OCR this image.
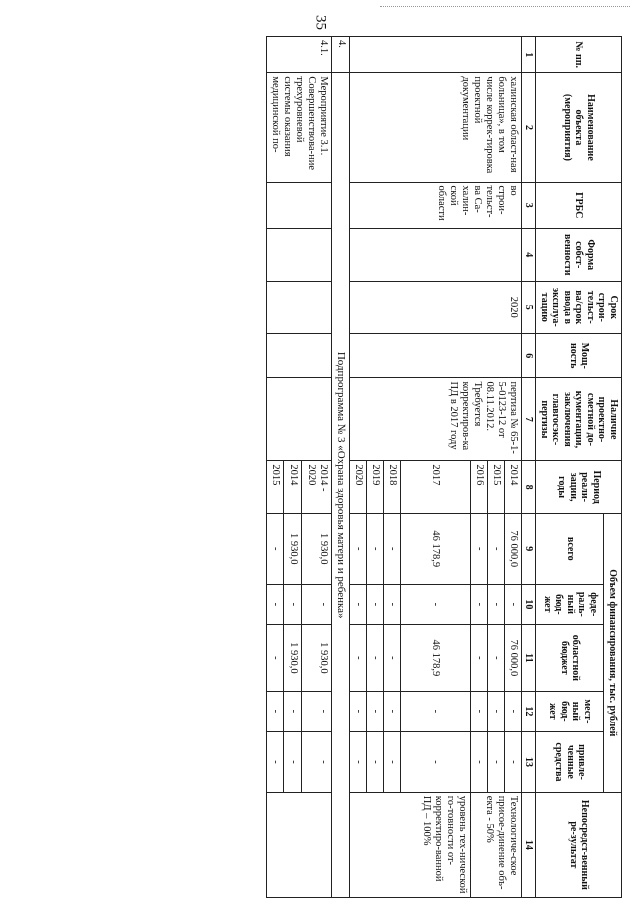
35
№ пп.	Наименование объекта (мероприятия)	ГРБС	Форма собст-венности	Срок строи-тельст-ва/срок ввода в эксплуа-тацию	Мощ-ность	Наличие проектно-сметной до-кументации, заключения главгосэкс-пертизы	Период реали-зации, годы	Объем финансирования, тыс. рублей					Непосредст-венный ре-зультат
								всего	феде-раль-ный бюд-жет	областной бюджет	мест-ный бюд-жет	привле-ченные средства	
1	2	3	4	5	6	7	8	9	10	11	12	13	14
	халинская област-ная больница», в том числе коррек-тировка проектной документации	во строи-тельст-ва Са-халин-ской области		2020		пертиза № 65-1-5-0123-12 от 08.11.2012. Требуется корректиров-ка ПД в 2017 году	2014	76 000,0	-	76 000,0	-	-	Технологиче-ское присое-динение объ-екта - 50%
							2015	-	-	-	-	-	
							2016	-	-	-	-	-	
							2017	46 178,9	-	46 178,9	-	-	уровень тех-нической го-товности от-корректиро-ванной ПД – 100%
							2018	-	-	-	-	-	
							2019	-	-	-	-	-	
							2020	-	-	-	-	-	
4.	Подпрограмма № 3 «Охрана здоровья матери и ребенка»												
4.1.	Мероприятие 3.1. Совершенствова-ние трехуровневой системы оказания медицинской по-						2014 - 2020	1 930,0	-	1 930,0	-	-	
							2014	1 930,0	-	1 930,0	-	-	
							2015	-	-	-	-	-	
